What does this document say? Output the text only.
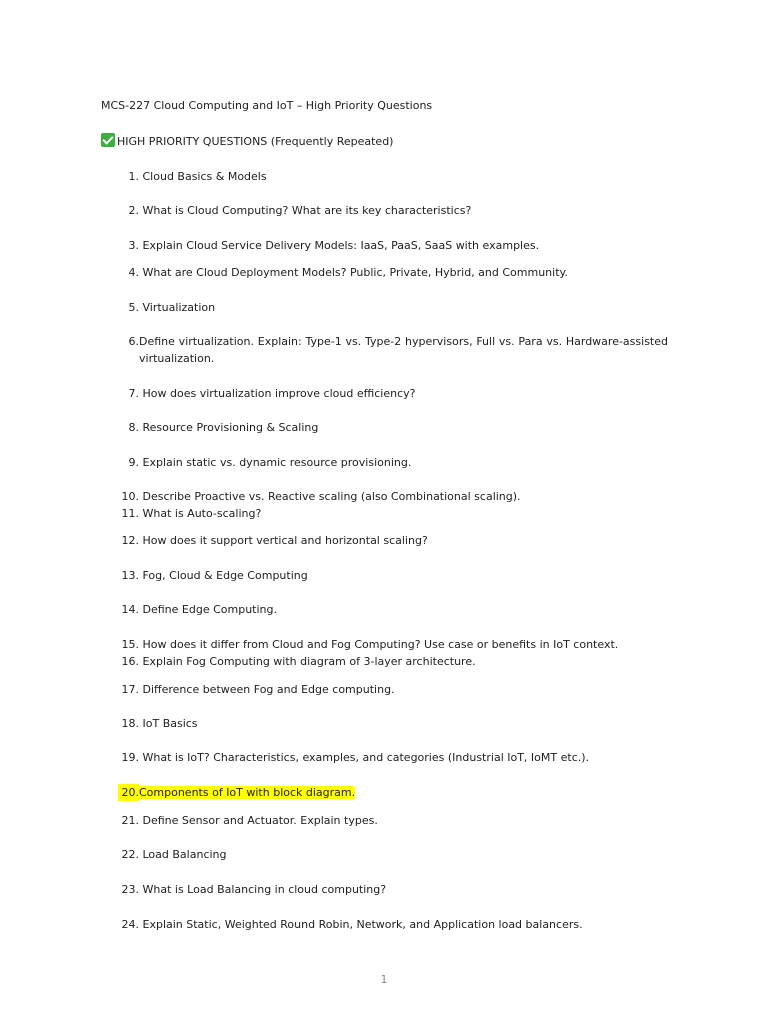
MCS-227 Cloud Computing and IoT – High Priority Questions
HIGH PRIORITY QUESTIONS (Frequently Repeated)
1. Cloud Basics & Models
2. What is Cloud Computing? What are its key characteristics?
3. Explain Cloud Service Delivery Models: IaaS, PaaS, SaaS with examples.
4. What are Cloud Deployment Models? Public, Private, Hybrid, and Community.
5. Virtualization
6. Define virtualization. Explain: Type-1 vs. Type-2 hypervisors, Full vs. Para vs. Hardware-assisted virtualization.
7. How does virtualization improve cloud efficiency?
8. Resource Provisioning & Scaling
9. Explain static vs. dynamic resource provisioning.
10. Describe Proactive vs. Reactive scaling (also Combinational scaling).
11. What is Auto-scaling?
12. How does it support vertical and horizontal scaling?
13. Fog, Cloud & Edge Computing
14. Define Edge Computing.
15. How does it differ from Cloud and Fog Computing? Use case or benefits in IoT context.
16. Explain Fog Computing with diagram of 3-layer architecture.
17. Difference between Fog and Edge computing.
18. IoT Basics
19. What is IoT? Characteristics, examples, and categories (Industrial IoT, IoMT etc.).
20.Components of IoT with block diagram.
21. Define Sensor and Actuator. Explain types.
22. Load Balancing
23. What is Load Balancing in cloud computing?
24. Explain Static, Weighted Round Robin, Network, and Application load balancers.
1
